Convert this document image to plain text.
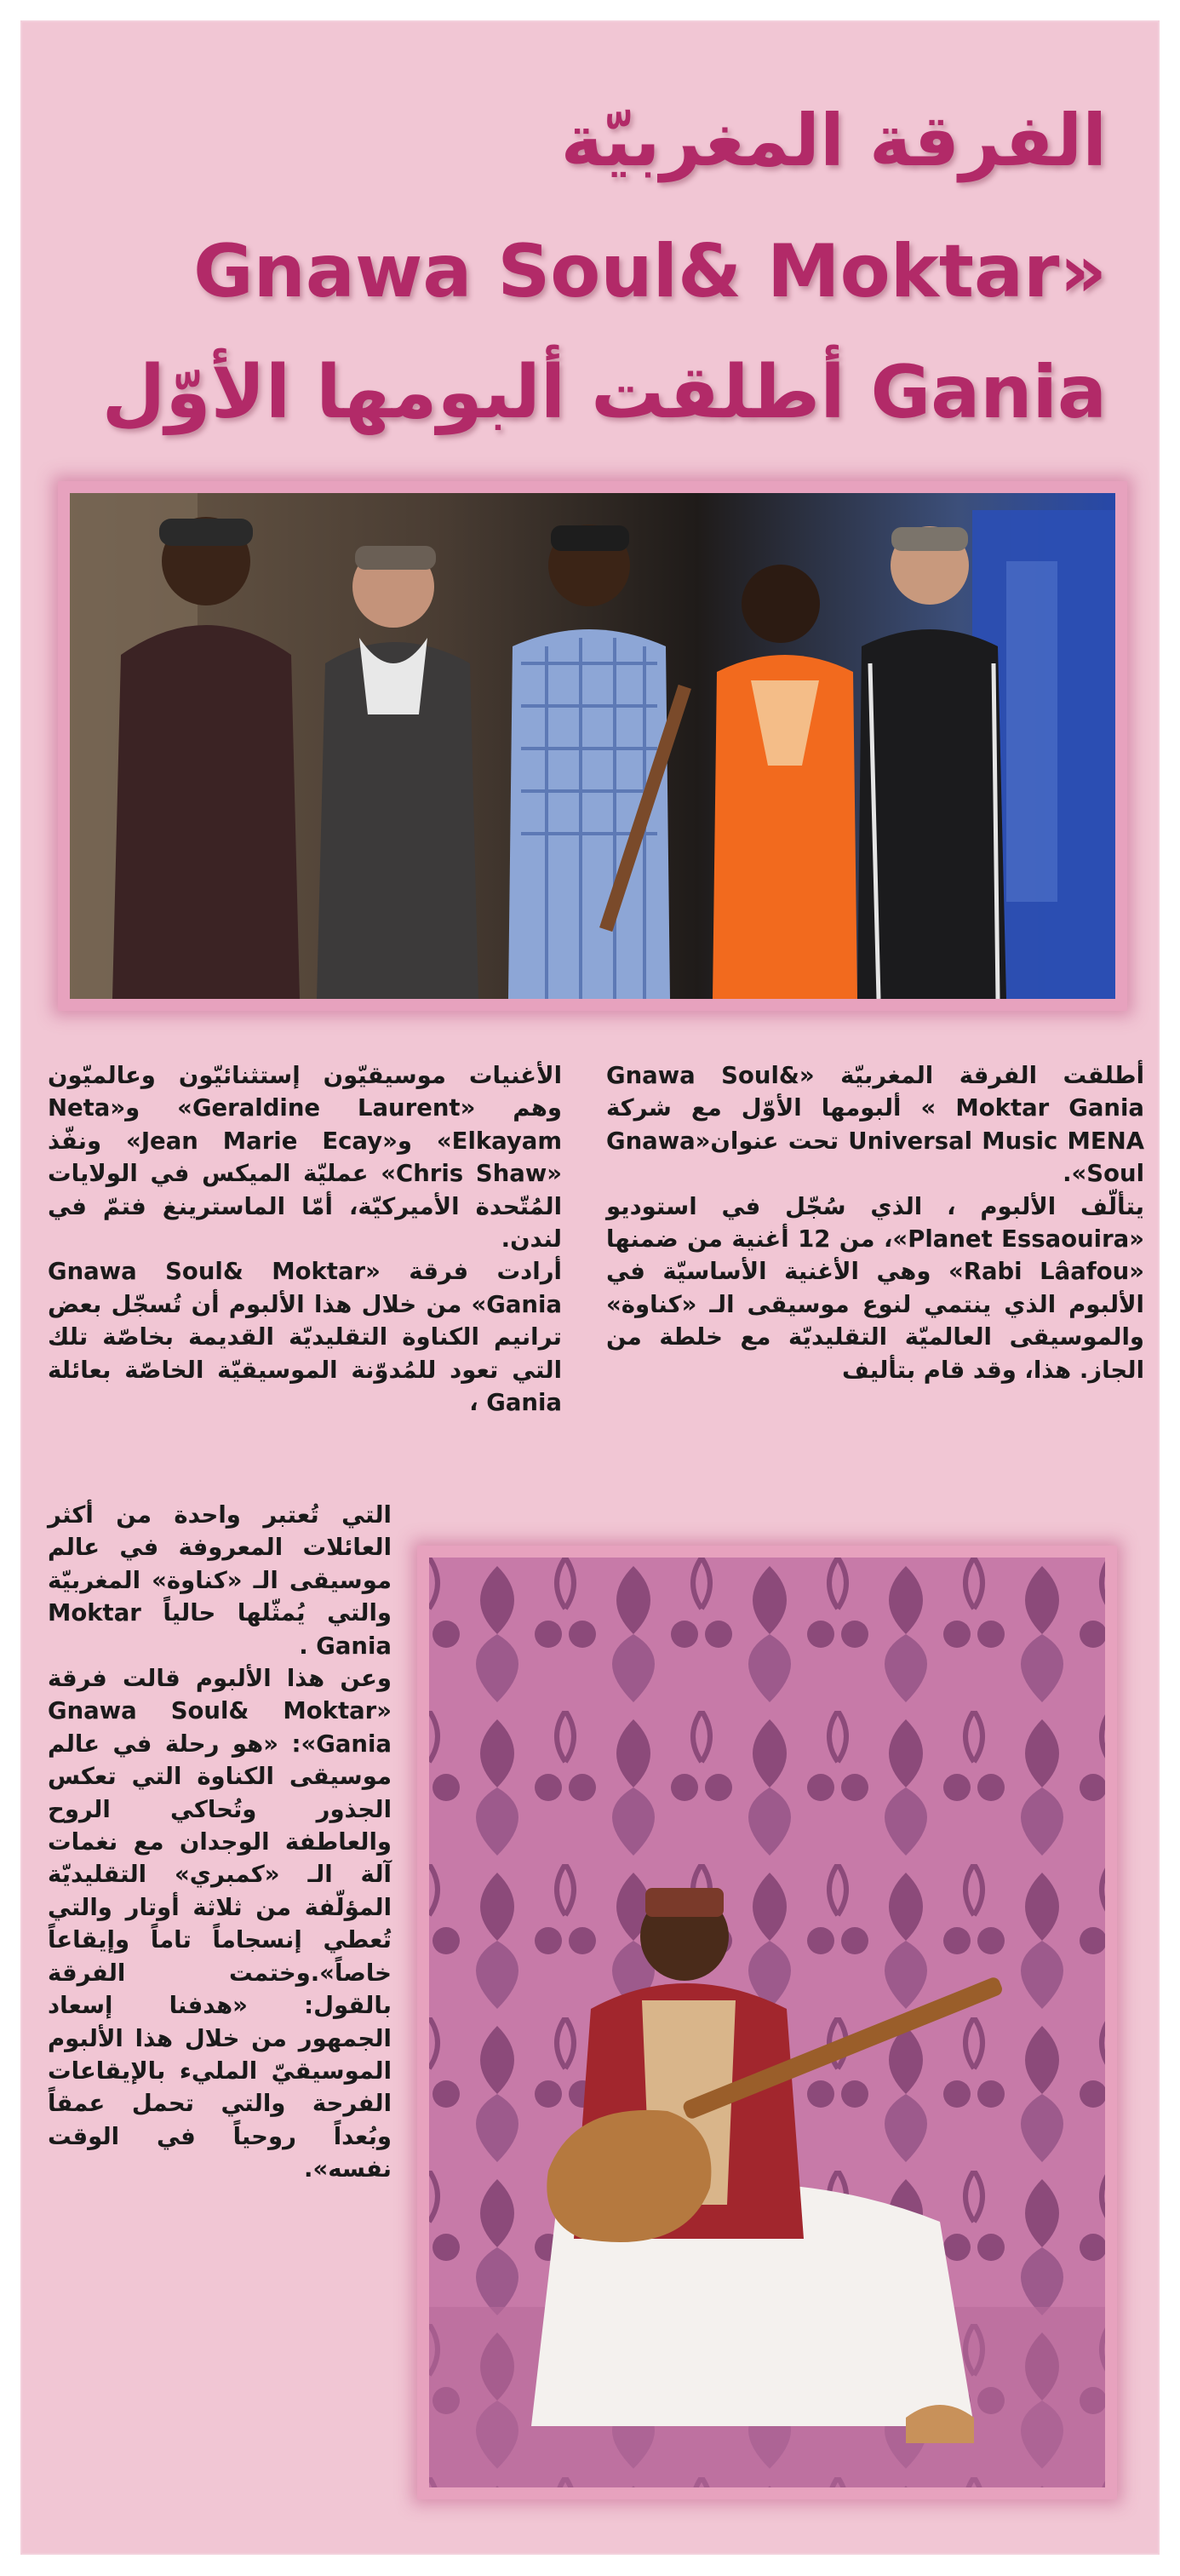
الفرقة المغربيّة
Gnawa Soul& Moktar»
Gania أطلقت ألبومها الأوّل

أطلقت الفرقة المغربيّة «Gnawa Soul& Moktar Gania » ألبومها الأوّل مع شركة Universal Music MENA تحت عنوان«Gnawa Soul».

يتألّف الألبوم ، الذي سُجّل في استوديو «Planet Essaouira»، من 12 أغنية من ضمنها «Rabi Lâafou» وهي الأغنية الأساسيّة في الألبوم الذي ينتمي لنوع موسيقى الـ «كناوة» والموسيقى العالميّة التقليديّة مع خلطة من الجاز. هذا، وقد قام بتأليف

الأغنيات موسيقيّون إستثنائيّون وعالميّون وهم «Geraldine Laurent» و«Neta Elkayam» و«Jean Marie Ecay» ونفّذ «Chris Shaw» عمليّة الميكس في الولايات المُتّحدة الأميركيّة، أمّا الماسترينغ فتمّ في لندن.

أرادت فرقة «Gnawa Soul& Moktar Gania» من خلال هذا الألبوم أن تُسجّل بعض ترانيم الكناوة التقليديّة القديمة بخاصّة تلك التي تعود للمُدوّنة الموسيقيّة الخاصّة بعائلة Gania ،

التي تُعتبر واحدة من أكثر العائلات المعروفة في عالم موسيقى الـ «كناوة» المغربيّة والتي يُمثّلها حالياً Moktar Gania .

وعن هذا الألبوم قالت فرقة «Gnawa Soul& Moktar Gania»: «هو رحلة في عالم موسيقى الكناوة التي تعكس الجذور وتُحاكي الروح والعاطفة الوجدان مع نغمات آلة الـ «كمبري» التقليديّة المؤلّفة من ثلاثة أوتار والتي تُعطي إنسجاماً تاماً وإيقاعاً خاصاً».وختمت الفرقة بالقول: «هدفنا إسعاد الجمهور من خلال هذا الألبوم الموسيقيّ المليء بالإيقاعات الفرحة والتي تحمل عمقاً وبُعداً روحياً في الوقت نفسه».
